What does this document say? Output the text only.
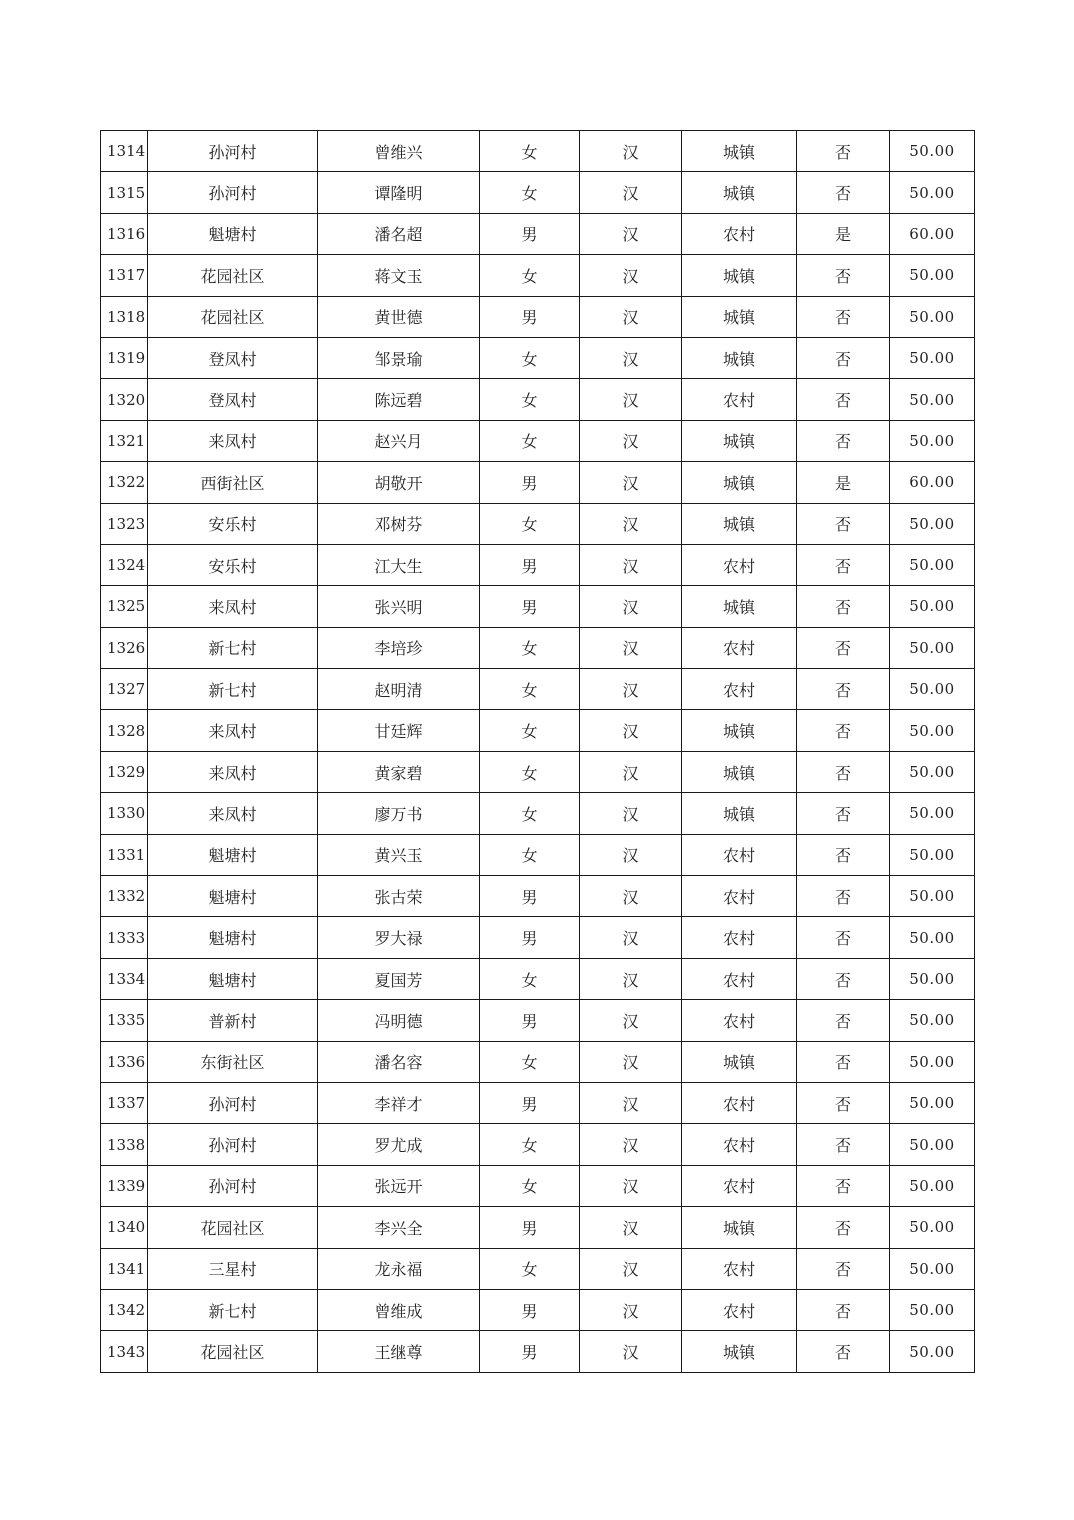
1314	孙河村	曾维兴	女	汉	城镇	否	50.00
1315	孙河村	谭隆明	女	汉	城镇	否	50.00
1316	魁塘村	潘名超	男	汉	农村	是	60.00
1317	花园社区	蒋文玉	女	汉	城镇	否	50.00
1318	花园社区	黄世德	男	汉	城镇	否	50.00
1319	登凤村	邹景瑜	女	汉	城镇	否	50.00
1320	登凤村	陈远碧	女	汉	农村	否	50.00
1321	来凤村	赵兴月	女	汉	城镇	否	50.00
1322	西街社区	胡敬开	男	汉	城镇	是	60.00
1323	安乐村	邓树芬	女	汉	城镇	否	50.00
1324	安乐村	江大生	男	汉	农村	否	50.00
1325	来凤村	张兴明	男	汉	城镇	否	50.00
1326	新七村	李培珍	女	汉	农村	否	50.00
1327	新七村	赵明清	女	汉	农村	否	50.00
1328	来凤村	甘廷辉	女	汉	城镇	否	50.00
1329	来凤村	黄家碧	女	汉	城镇	否	50.00
1330	来凤村	廖万书	女	汉	城镇	否	50.00
1331	魁塘村	黄兴玉	女	汉	农村	否	50.00
1332	魁塘村	张古荣	男	汉	农村	否	50.00
1333	魁塘村	罗大禄	男	汉	农村	否	50.00
1334	魁塘村	夏国芳	女	汉	农村	否	50.00
1335	普新村	冯明德	男	汉	农村	否	50.00
1336	东街社区	潘名容	女	汉	城镇	否	50.00
1337	孙河村	李祥才	男	汉	农村	否	50.00
1338	孙河村	罗尤成	女	汉	农村	否	50.00
1339	孙河村	张远开	女	汉	农村	否	50.00
1340	花园社区	李兴全	男	汉	城镇	否	50.00
1341	三星村	龙永福	女	汉	农村	否	50.00
1342	新七村	曾维成	男	汉	农村	否	50.00
1343	花园社区	王继尊	男	汉	城镇	否	50.00
